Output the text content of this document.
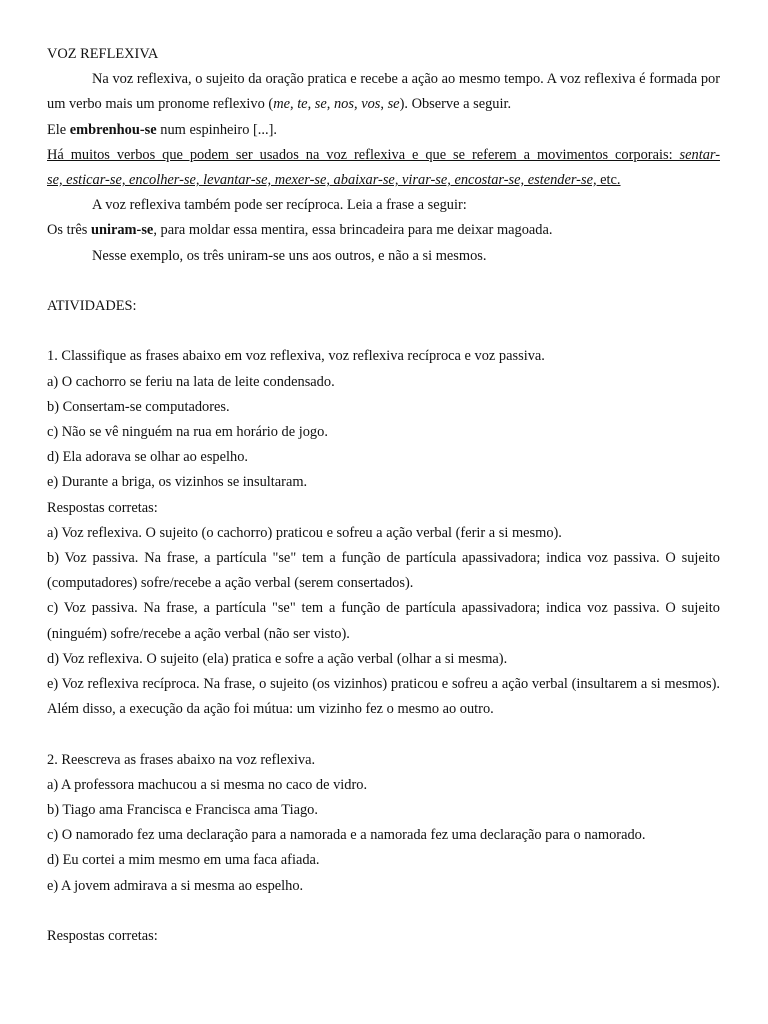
VOZ REFLEXIVA

Na voz reflexiva, o sujeito da oração pratica e recebe a ação ao mesmo tempo. A voz reflexiva é formada por um verbo mais um pronome reflexivo (me, te, se, nos, vos, se). Observe a seguir.

Ele embrenhou-se num espinheiro [...].

Há muitos verbos que podem ser usados na voz reflexiva e que se referem a movimentos corporais: sentar-

se, esticar-se, encolher-se, levantar-se, mexer-se, abaixar-se, virar-se, encostar-se, estender-se, etc.

A voz reflexiva também pode ser recíproca. Leia a frase a seguir:

Os três uniram-se, para moldar essa mentira, essa brincadeira para me deixar magoada.

Nesse exemplo, os três uniram-se uns aos outros, e não a si mesmos.

ATIVIDADES:

1. Classifique as frases abaixo em voz reflexiva, voz reflexiva recíproca e voz passiva.

a) O cachorro se feriu na lata de leite condensado.

b) Consertam-se computadores.

c) Não se vê ninguém na rua em horário de jogo.

d) Ela adorava se olhar ao espelho.

e) Durante a briga, os vizinhos se insultaram.

Respostas corretas:

a) Voz reflexiva. O sujeito (o cachorro) praticou e sofreu a ação verbal (ferir a si mesmo).

b) Voz passiva. Na frase, a partícula "se" tem a função de partícula apassivadora; indica voz passiva. O sujeito (computadores) sofre/recebe a ação verbal (serem consertados).

c) Voz passiva. Na frase, a partícula "se" tem a função de partícula apassivadora; indica voz passiva. O sujeito (ninguém) sofre/recebe a ação verbal (não ser visto).

d) Voz reflexiva. O sujeito (ela) pratica e sofre a ação verbal (olhar a si mesma).

e) Voz reflexiva recíproca. Na frase, o sujeito (os vizinhos) praticou e sofreu a ação verbal (insultarem a si mesmos). Além disso, a execução da ação foi mútua: um vizinho fez o mesmo ao outro.

2. Reescreva as frases abaixo na voz reflexiva.

a) A professora machucou a si mesma no caco de vidro.

b) Tiago ama Francisca e Francisca ama Tiago.

c) O namorado fez uma declaração para a namorada e a namorada fez uma declaração para o namorado.

d) Eu cortei a mim mesmo em uma faca afiada.

e) A jovem admirava a si mesma ao espelho.

Respostas corretas:
